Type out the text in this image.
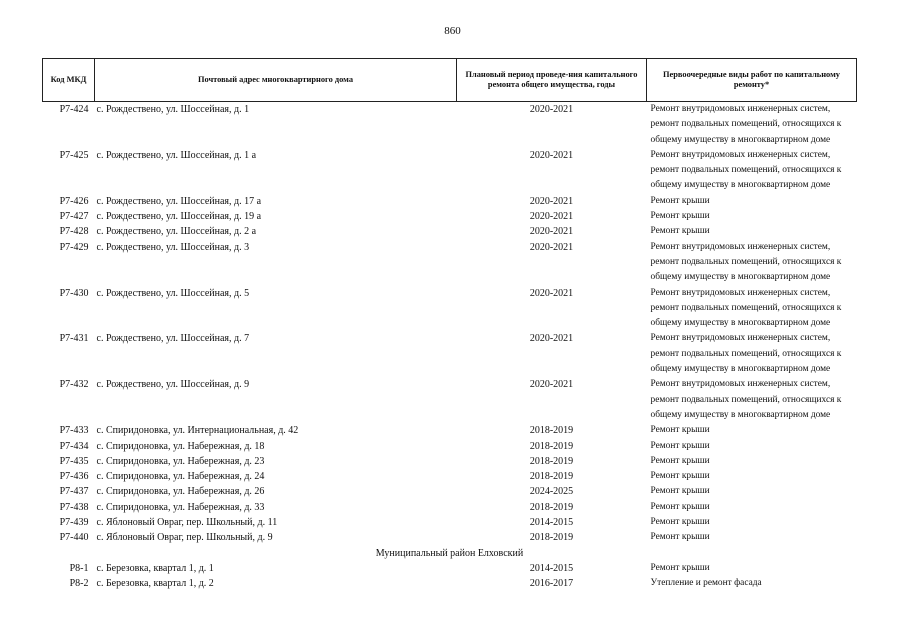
860
Код МКД	Почтовый адрес многоквартирного дома	Плановый период проведе-ния капитального ремонта общего имущества, годы	Первоочередные виды работ по капитальному ремонту*
Р7-424	с. Рождествено, ул. Шоссейная, д. 1	2020-2021	Ремонт внутридомовых инженерных систем,
ремонт подвальных помещений, относящихся к
общему имуществу в многоквартирном доме

Р7-425	с. Рождествено, ул. Шоссейная, д. 1 а	2020-2021	Ремонт внутридомовых инженерных систем,
ремонт подвальных помещений, относящихся к
общему имуществу в многоквартирном доме

Р7-426	с. Рождествено, ул. Шоссейная, д. 17 а	2020-2021	Ремонт крыши

Р7-427	с. Рождествено, ул. Шоссейная, д. 19 а	2020-2021	Ремонт крыши

Р7-428	с. Рождествено, ул. Шоссейная, д. 2 а	2020-2021	Ремонт крыши

Р7-429	с. Рождествено, ул. Шоссейная, д. 3	2020-2021	Ремонт внутридомовых инженерных систем,
ремонт подвальных помещений, относящихся к
общему имуществу в многоквартирном доме

Р7-430	с. Рождествено, ул. Шоссейная, д. 5	2020-2021	Ремонт внутридомовых инженерных систем,
ремонт подвальных помещений, относящихся к
общему имуществу в многоквартирном доме

Р7-431	с. Рождествено, ул. Шоссейная, д. 7	2020-2021	Ремонт внутридомовых инженерных систем,
ремонт подвальных помещений, относящихся к
общему имуществу в многоквартирном доме

Р7-432	с. Рождествено, ул. Шоссейная, д. 9	2020-2021	Ремонт внутридомовых инженерных систем,
ремонт подвальных помещений, относящихся к
общему имуществу в многоквартирном доме

Р7-433	с. Спиридоновка, ул. Интернациональная, д. 42	2018-2019	Ремонт крыши

Р7-434	с. Спиридоновка, ул. Набережная, д. 18	2018-2019	Ремонт крыши

Р7-435	с. Спиридоновка, ул. Набережная, д. 23	2018-2019	Ремонт крыши

Р7-436	с. Спиридоновка, ул. Набережная, д. 24	2018-2019	Ремонт крыши

Р7-437	с. Спиридоновка, ул. Набережная, д. 26	2024-2025	Ремонт крыши

Р7-438	с. Спиридоновка, ул. Набережная, д. 33	2018-2019	Ремонт крыши

Р7-439	с. Яблоновый Овраг, пер. Школьный, д. 11	2014-2015	Ремонт крыши

Р7-440	с. Яблоновый Овраг, пер. Школьный, д. 9	2018-2019	Ремонт крыши

Муниципальный район Елховский			
Р8-1	с. Березовка, квартал 1, д. 1	2014-2015	Ремонт крыши

Р8-2	с. Березовка, квартал 1, д. 2	2016-2017	Утепление и ремонт фасада
